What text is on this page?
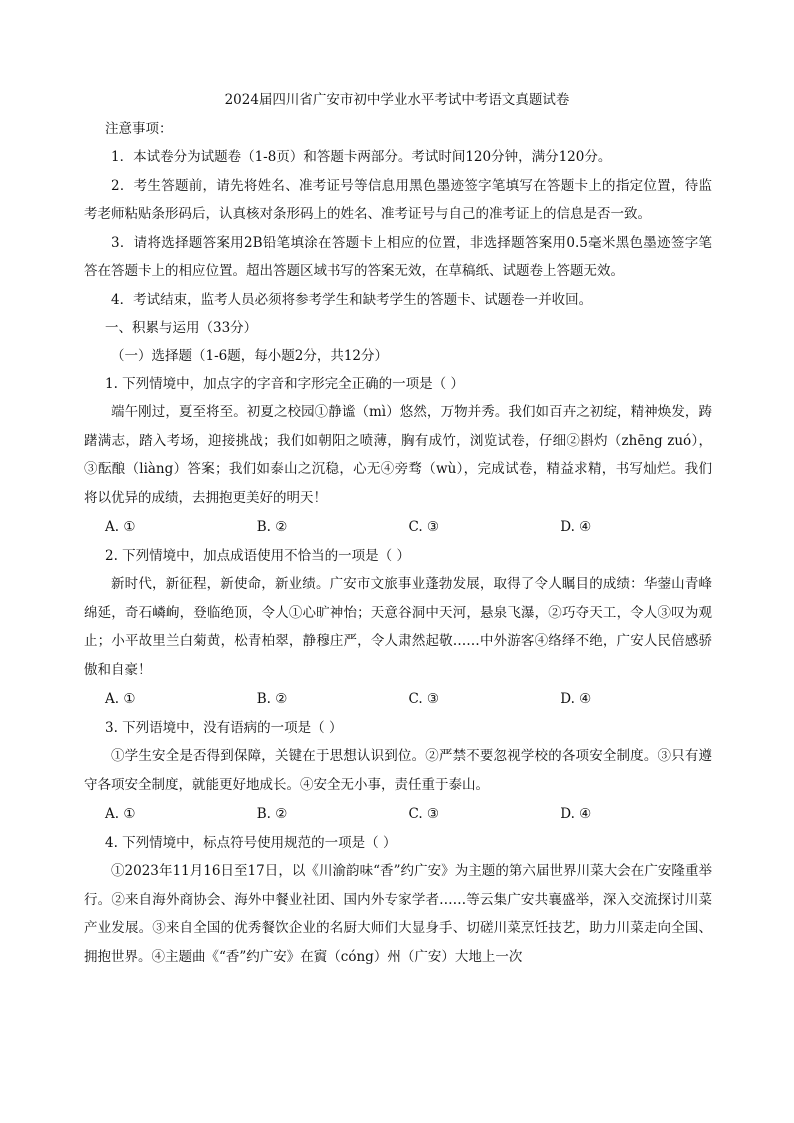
2024届四川省广安市初中学业水平考试中考语文真题试卷
注意事项：
1．本试卷分为试题卷（1-8页）和答题卡两部分。考试时间120分钟，满分120分。
2．考生答题前，请先将姓名、准考证号等信息用黑色墨迹签字笔填写在答题卡上的指定位置，待监考老师粘贴条形码后，认真核对条形码上的姓名、准考证号与自己的准考证上的信息是否一致。
3．请将选择题答案用2B铅笔填涂在答题卡上相应的位置，非选择题答案用0.5毫米黑色墨迹签字笔答在答题卡上的相应位置。超出答题区域书写的答案无效，在草稿纸、试题卷上答题无效。
4．考试结束，监考人员必须将参考学生和缺考学生的答题卡、试题卷一并收回。
一、积累与运用（33分）
（一）选择题（1-6题，每小题2分，共12分）
1. 下列情境中，加点字的字音和字形完全正确的一项是（ ）
端午刚过，夏至将至。初夏之校园①静谧（mì）悠然，万物并秀。我们如百卉之初绽，精神焕发，踌躇满志，踏入考场，迎接挑战；我们如朝阳之喷薄，胸有成竹，浏览试卷，仔细②斟灼（zhēng zuó），③酝酿（liàng）答案；我们如泰山之沉稳，心无④旁骛（wù），完成试卷，精益求精，书写灿烂。我们将以优异的成绩，去拥抱更美好的明天！
A. ①	B. ②	C. ③	D. ④
2. 下列情境中，加点成语使用不恰当的一项是（ ）
新时代，新征程，新使命，新业绩。广安市文旅事业蓬勃发展，取得了令人瞩目的成绩：华蓥山青峰绵延，奇石嶙峋，登临绝顶，令人①心旷神怡；天意谷洞中天河，悬泉飞瀑，②巧夺天工，令人③叹为观止；小平故里兰白菊黄，松青柏翠，静穆庄严，令人肃然起敬……中外游客④络绎不绝，广安人民倍感骄傲和自豪！
A. ①	B. ②	C. ③	D. ④
3. 下列语境中，没有语病的一项是（ ）
①学生安全是否得到保障，关键在于思想认识到位。②严禁不要忽视学校的各项安全制度。③只有遵守各项安全制度，就能更好地成长。④安全无小事，责任重于泰山。
A. ①	B. ②	C. ③	D. ④
4. 下列情境中，标点符号使用规范的一项是（ ）
①2023年11月16日至17日，以《川渝韵味“香”约广安》为主题的第六届世界川菜大会在广安隆重举行。②来自海外商协会、海外中餐业社团、国内外专家学者……等云集广安共襄盛举，深入交流探讨川菜产业发展。③来自全国的优秀餐饮企业的名厨大师们大显身手、切磋川菜烹饪技艺，助力川菜走向全国、拥抱世界。④主题曲《“香”约广安》在賨（cóng）州（广安）大地上一次
